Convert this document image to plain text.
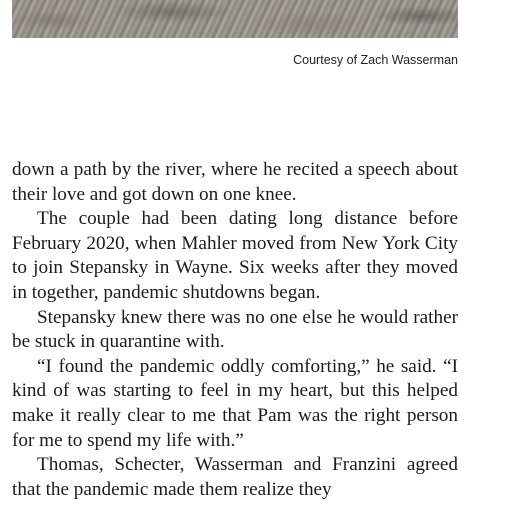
Courtesy of Zach Wasserman

down a path by the river, where he recited a speech about their love and got down on one knee.

The couple had been dating long distance before February 2020, when Mahler moved from New York City to join Stepansky in Wayne. Six weeks after they moved in together, pandemic shutdowns began.

Stepansky knew there was no one else he would rather be stuck in quarantine with.

“I found the pandemic oddly comforting,” he said. “I kind of was starting to feel in my heart, but this helped make it really clear to me that Pam was the right person for me to spend my life with.”

Thomas, Schecter, Wasserman and Franzini agreed that the pandemic made them realize they
